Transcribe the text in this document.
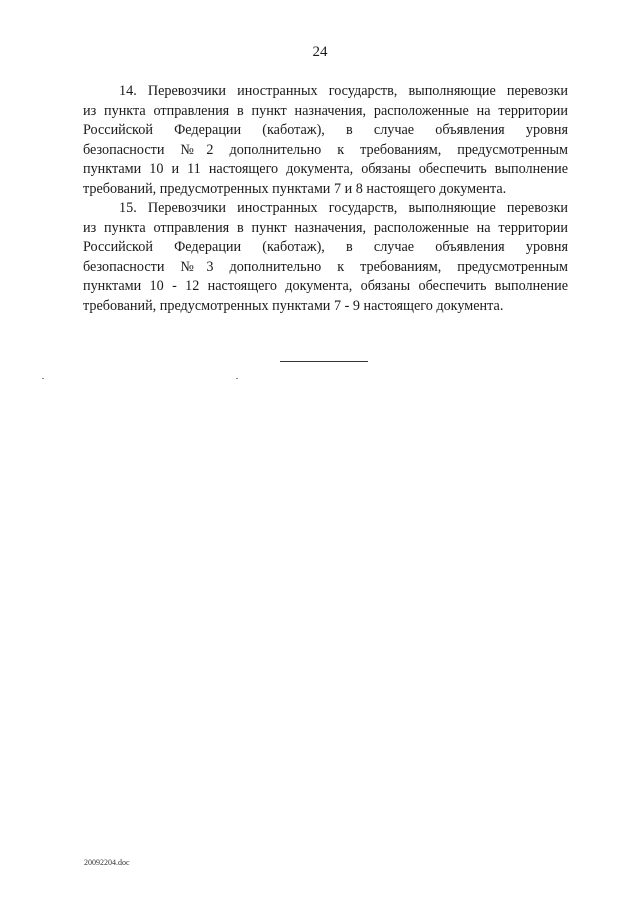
24

14. Перевозчики иностранных государств, выполняющие перевозки
из пункта отправления в пункт назначения, расположенные на территории
Российской Федерации (каботаж), в случае объявления уровня
безопасности №2 дополнительно к требованиям, предусмотренным
пунктами 10 и 11 настоящего документа, обязаны обеспечить выполнение
требований, предусмотренных пунктами 7 и 8 настоящего документа.

15. Перевозчики иностранных государств, выполняющие перевозки
из пункта отправления в пункт назначения, расположенные на территории
Российской Федерации (каботаж), в случае объявления уровня
безопасности №3 дополнительно к требованиям, предусмотренным
пунктами 10 - 12 настоящего документа, обязаны обеспечить выполнение
требований, предусмотренных пунктами 7 - 9 настоящего документа.

20092204.doc
